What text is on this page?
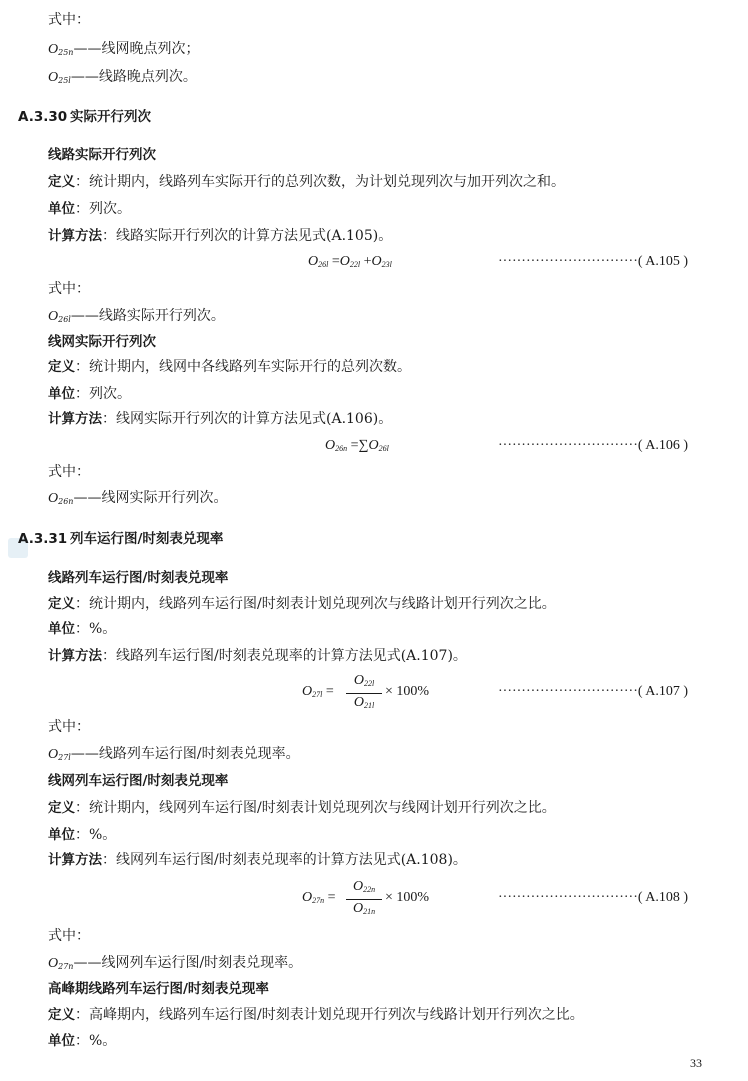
式中：
$O_{25n}——$线网晚点列次；
$O_{25l}——$线路晚点列次。
A.3.30 实际开行列次
线路实际开行列次
定义：统计期内，线路列车实际开行的总列次数，为计划兑现列次与加开列次之和。
单位：列次。
计算方法：线路实际开行列次的计算方法见式(A.105)。
$O_{26l} =O_{22l} +O_{23l}$	······························( A.105 )
式中：
$O_{26l}——$线路实际开行列次。
线网实际开行列次
定义：统计期内，线网中各线路列车实际开行的总列次数。
单位：列次。
计算方法：线网实际开行列次的计算方法见式(A.106)。
$O_{26n} =\sum O_{26l}$	······························( A.106 )
式中：
$O_{26n}——$线网实际开行列次。
A.3.31 列车运行图/时刻表兑现率
线路列车运行图/时刻表兑现率
定义：统计期内，线路列车运行图/时刻表计划兑现列次与线路计划开行列次之比。
单位：%。
计算方法：线路列车运行图/时刻表兑现率的计算方法见式(A.107)。
$O_{27l}$ =
$O_{22l}$
$O_{21l}$
× 100%	······························( A.107 )
式中：
$O_{27l}——$线路列车运行图/时刻表兑现率。
线网列车运行图/时刻表兑现率
定义：统计期内，线网列车运行图/时刻表计划兑现列次与线网计划开行列次之比。
单位：%。
计算方法：线网列车运行图/时刻表兑现率的计算方法见式(A.108)。
$O_{27n}$ =
$O_{22n}$
$O_{21n}$
× 100%	······························( A.108 )
式中：
$O_{27n}——$线网列车运行图/时刻表兑现率。
高峰期线路列车运行图/时刻表兑现率
定义：高峰期内，线路列车运行图/时刻表计划兑现开行列次与线路计划开行列次之比。
单位：%。
33
